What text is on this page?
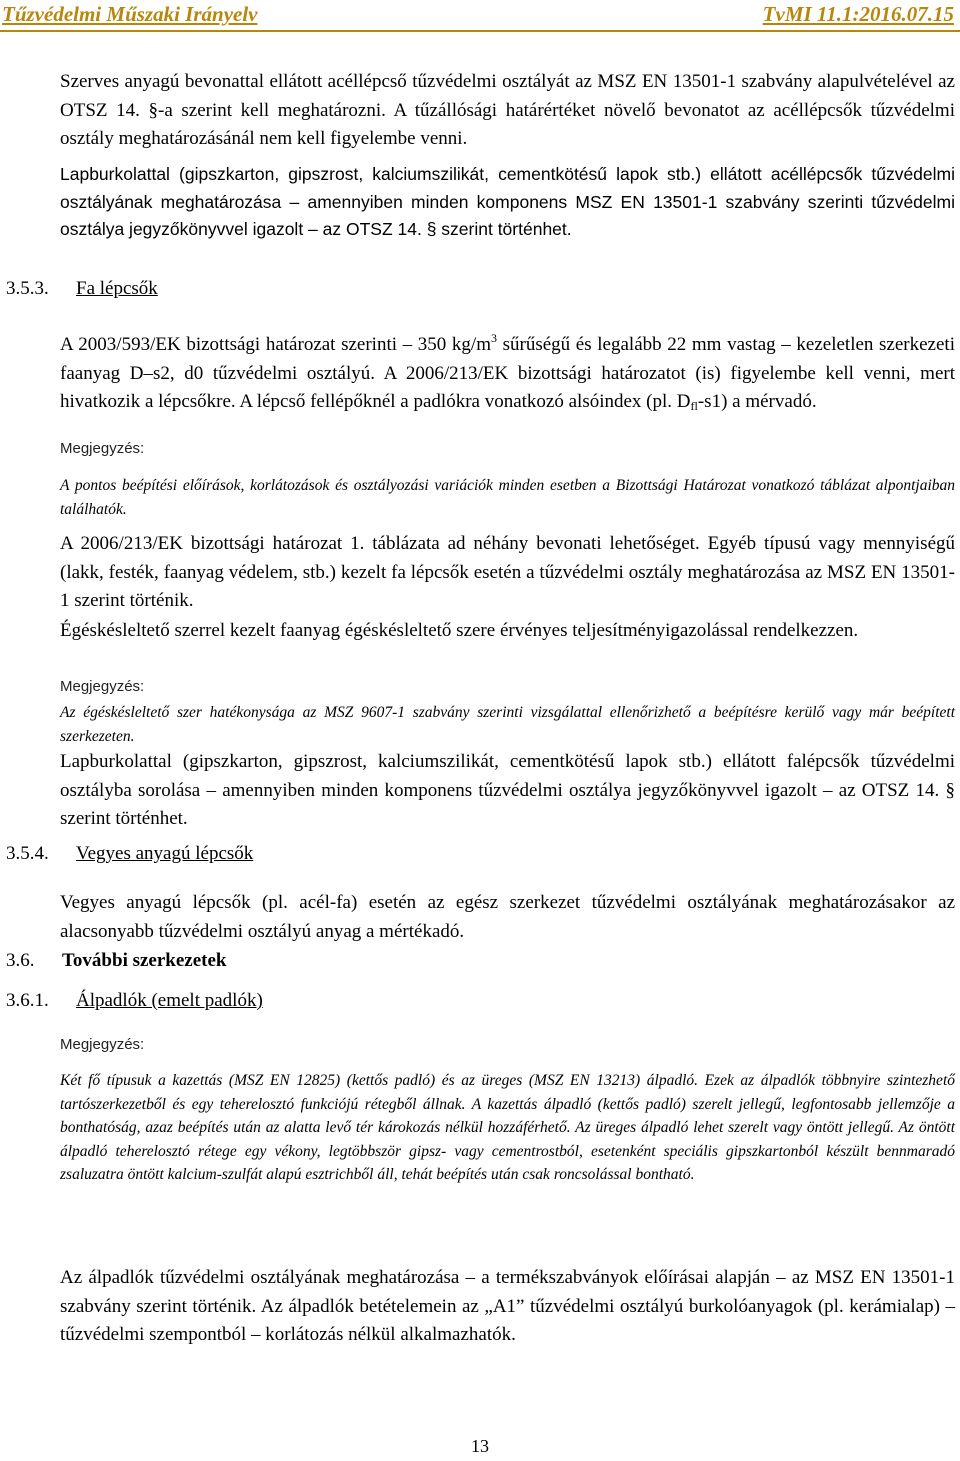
Tűzvédelmi Műszaki Irányelv	TvMI 11.1:2016.07.15

Szerves anyagú bevonattal ellátott acéllépcső tűzvédelmi osztályát az MSZ EN 13501-1 szabvány alapulvételével az OTSZ 14. §-a szerint kell meghatározni. A tűzállósági határértéket növelő bevonatot az acéllépcsők tűzvédelmi osztály meghatározásánál nem kell figyelembe venni.

Lapburkolattal (gipszkarton, gipszrost, kalciumszilikát, cementkötésű lapok stb.) ellátott acéllépcsők tűzvédelmi osztályának meghatározása – amennyiben minden komponens MSZ EN 13501-1 szabvány szerinti tűzvédelmi osztálya jegyzőkönyvvel igazolt – az OTSZ 14. § szerint történhet.

3.5.3. Fa lépcsők

A 2003/593/EK bizottsági határozat szerinti – 350 $kg/m^3$ sűrűségű és legalább 22 mm vastag – kezeletlen szerkezeti faanyag D–s2, d0 tűzvédelmi osztályú. A 2006/213/EK bizottsági határozatot (is) figyelembe kell venni, mert hivatkozik a lépcsőkre. A lépcső fellépőknél a padlókra vonatkozó alsóindex (pl. $D_{fl}-s1$) a mérvadó.

Megjegyzés:

A pontos beépítési előírások, korlátozások és osztályozási variációk minden esetben a Bizottsági Határozat vonatkozó táblázat alpontjaiban találhatók.

A 2006/213/EK bizottsági határozat 1. táblázata ad néhány bevonati lehetőséget. Egyéb típusú vagy mennyiségű (lakk, festék, faanyag védelem, stb.) kezelt fa lépcsők esetén a tűzvédelmi osztály meghatározása az MSZ EN 13501-1 szerint történik.

Égéskésleltető szerrel kezelt faanyag égéskésleltető szere érvényes teljesítményigazolással rendelkezzen.

Megjegyzés:

Az égéskésleltető szer hatékonysága az MSZ 9607-1 szabvány szerinti vizsgálattal ellenőrizhető a beépítésre kerülő vagy már beépített szerkezeten.

Lapburkolattal (gipszkarton, gipszrost, kalciumszilikát, cementkötésű lapok stb.) ellátott falépcsők tűzvédelmi osztályba sorolása – amennyiben minden komponens tűzvédelmi osztálya jegyzőkönyvvel igazolt – az OTSZ 14. § szerint történhet.

3.5.4. Vegyes anyagú lépcsők

Vegyes anyagú lépcsők (pl. acél-fa) esetén az egész szerkezet tűzvédelmi osztályának meghatározásakor az alacsonyabb tűzvédelmi osztályú anyag a mértékadó.

3.6. További szerkezetek
3.6.1. Álpadlók (emelt padlók)
Megjegyzés:

Két fő típusuk a kazettás (MSZ EN 12825) (kettős padló) és az üreges (MSZ EN 13213) álpadló. Ezek az álpadlók többnyire szintezhető tartószerkezetből és egy teherelosztó funkciójú rétegből állnak. A kazettás álpadló (kettős padló) szerelt jellegű, legfontosabb jellemzője a bonthatóság, azaz beépítés után az alatta levő tér károkozás nélkül hozzáférhető. Az üreges álpadló lehet szerelt vagy öntött jellegű. Az öntött álpadló teherelosztó rétege egy vékony, legtöbbször gipsz- vagy cementrostból, esetenként speciális gipszkartonból készült bennmaradó zsaluzatra öntött kalcium-szulfát alapú esztrichből áll, tehát beépítés után csak roncsolással bontható.

Az álpadlók tűzvédelmi osztályának meghatározása – a termékszabványok előírásai alapján – az MSZ EN 13501-1 szabvány szerint történik. Az álpadlók betételemein az „A1” tűzvédelmi osztályú burkolóanyagok (pl. kerámialap) – tűzvédelmi szempontból – korlátozás nélkül alkalmazhatók.

13
